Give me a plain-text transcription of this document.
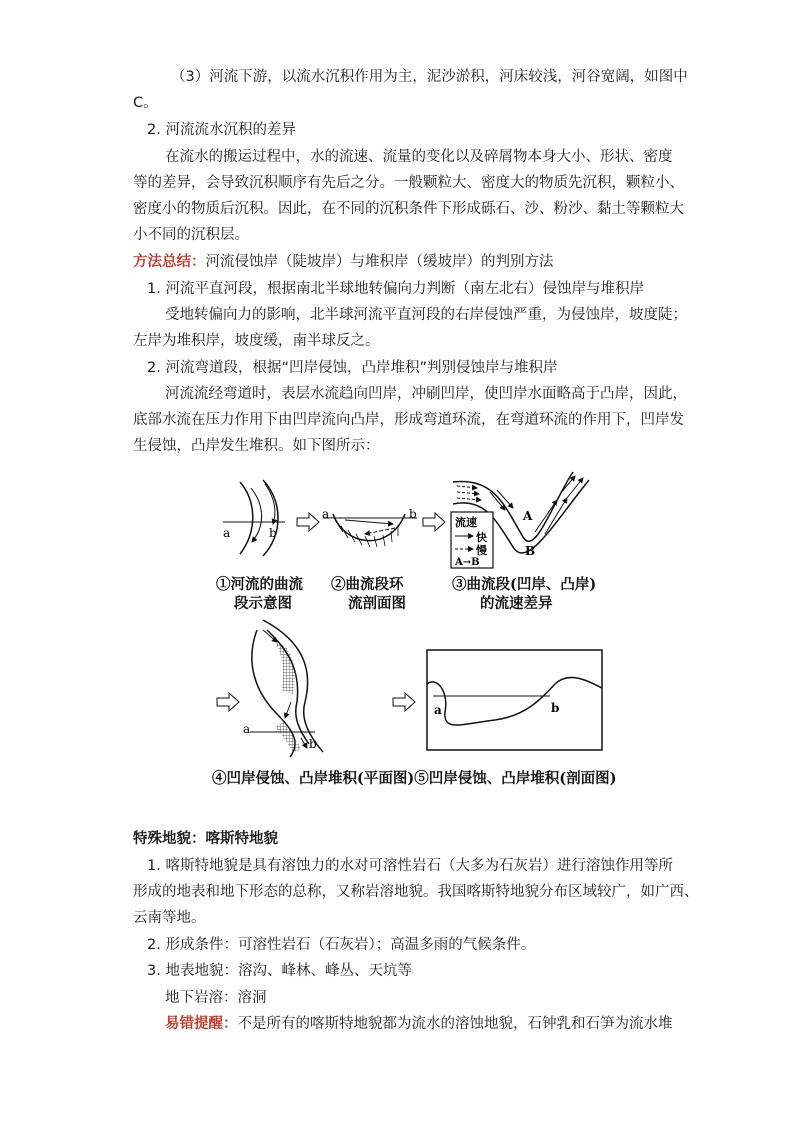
（3）河流下游，以流水沉积作用为主，泥沙淤积，河床较浅，河谷宽阔，如图中
C。
2. 河流流水沉积的差异
在流水的搬运过程中，水的流速、流量的变化以及碎屑物本身大小、形状、密度
等的差异，会导致沉积顺序有先后之分。一般颗粒大、密度大的物质先沉积，颗粒小、
密度小的物质后沉积。因此，在不同的沉积条件下形成砾石、沙、粉沙、黏土等颗粒大
小不同的沉积层。
方法总结：河流侵蚀岸（陡坡岸）与堆积岸（缓坡岸）的判别方法
1. 河流平直河段，根据南北半球地转偏向力判断（南左北右）侵蚀岸与堆积岸
受地转偏向力的影响，北半球河流平直河段的右岸侵蚀严重，为侵蚀岸，坡度陡；
左岸为堆积岸，坡度缓，南半球反之。
2. 河流弯道段，根据“凹岸侵蚀，凸岸堆积”判别侵蚀岸与堆积岸
河流流经弯道时，表层水流趋向凹岸，冲刷凹岸，使凹岸水面略高于凸岸，因此，
底部水流在压力作用下由凹岸流向凸岸，形成弯道环流，在弯道环流的作用下，凹岸发
生侵蚀，凸岸发生堆积。如下图所示：
a	b
a	b	A
B
流速
快
慢
A→B
a
b
a	b
①河流的曲流
段示意图
②曲流段环
流剖面图
③曲流段(凹岸、凸岸)
的流速差异
④凹岸侵蚀、凸岸堆积(平面图)⑤凹岸侵蚀、凸岸堆积(剖面图)
特殊地貌：喀斯特地貌
1. 喀斯特地貌是具有溶蚀力的水对可溶性岩石（大多为石灰岩）进行溶蚀作用等所
形成的地表和地下形态的总称，又称岩溶地貌。我国喀斯特地貌分布区域较广，如广西、
云南等地。
2. 形成条件：可溶性岩石（石灰岩）；高温多雨的气候条件。
3. 地表地貌：溶沟、峰林、峰丛、天坑等
地下岩溶：溶洞
易错提醒：不是所有的喀斯特地貌都为流水的溶蚀地貌，石钟乳和石笋为流水堆
